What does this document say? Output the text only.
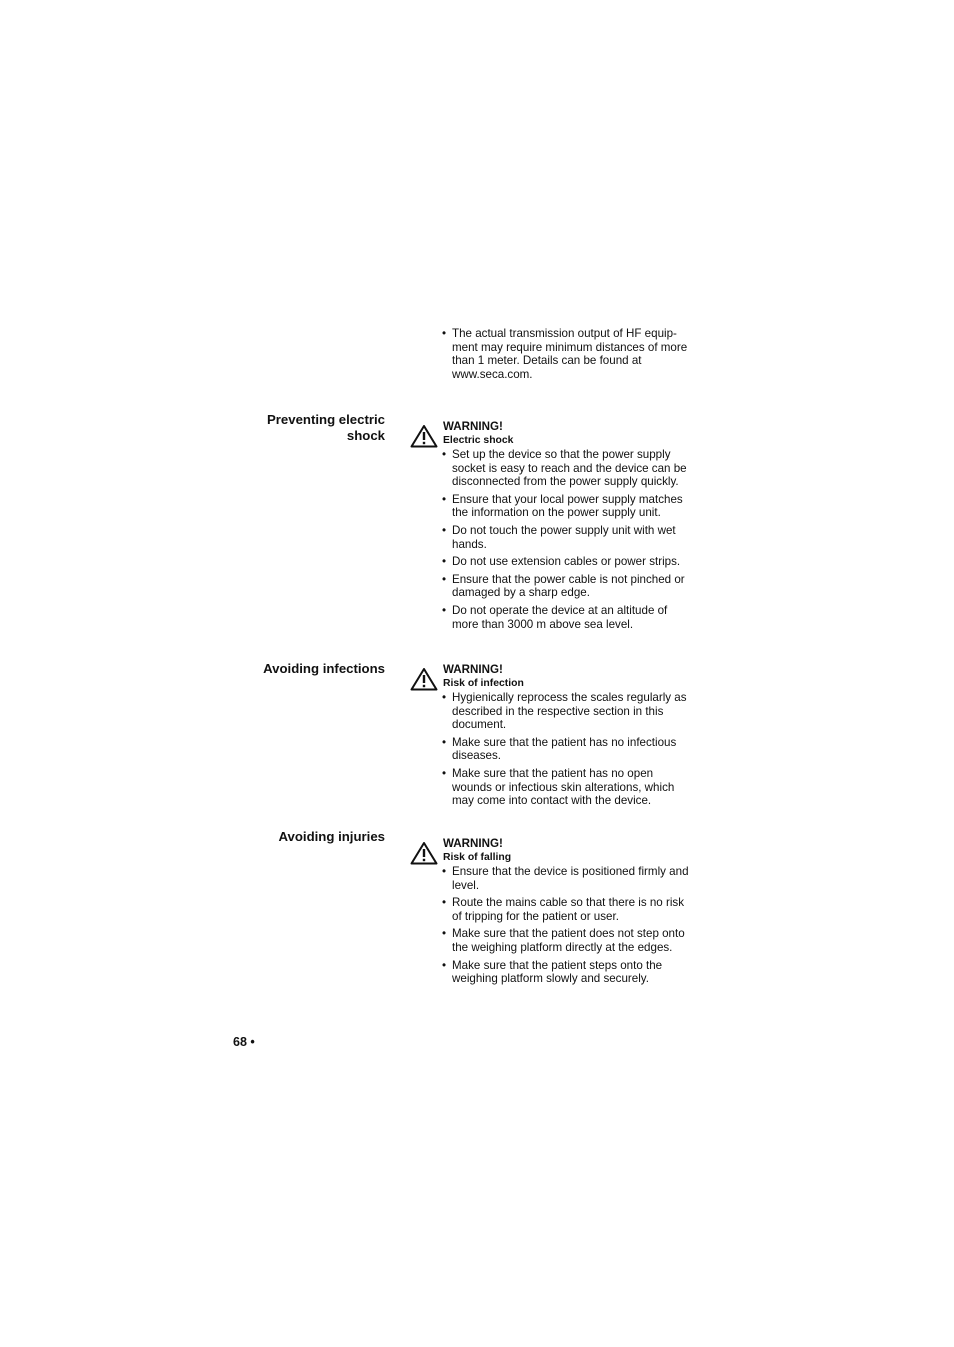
• The actual transmission output of HF equip-
ment may require minimum distances of more
than 1 meter. Details can be found at
www.seca.com.
Preventing electric
shock
WARNING!
Electric shock
• Set up the device so that the power supply
socket is easy to reach and the device can be
disconnected from the power supply quickly.
• Ensure that your local power supply matches
the information on the power supply unit.
• Do not touch the power supply unit with wet
hands.
• Do not use extension cables or power strips.
• Ensure that the power cable is not pinched or
damaged by a sharp edge.
• Do not operate the device at an altitude of
more than 3000 m above sea level.
Avoiding infections	WARNING!
Risk of infection
• Hygienically reprocess the scales regularly as
described in the respective section in this
document.
• Make sure that the patient has no infectious
diseases.
• Make sure that the patient has no open
wounds or infectious skin alterations, which
may come into contact with the device.
Avoiding injuries	WARNING!
Risk of falling
• Ensure that the device is positioned firmly and
level.
• Route the mains cable so that there is no risk
of tripping for the patient or user.
• Make sure that the patient does not step onto
the weighing platform directly at the edges.
• Make sure that the patient steps onto the
weighing platform slowly and securely.
68 •
